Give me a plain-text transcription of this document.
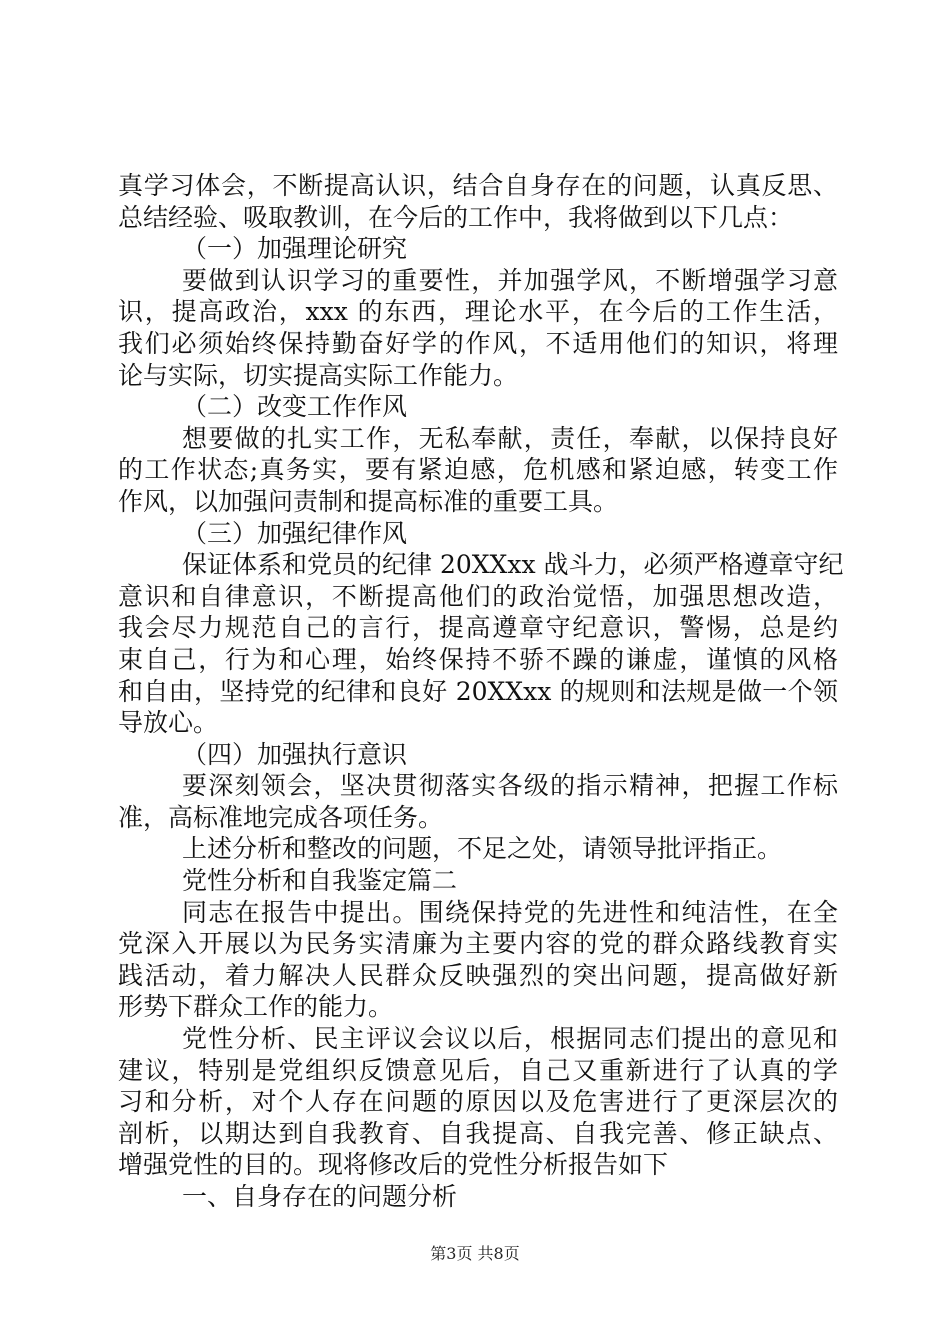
真学习体会，不断提高认识，结合自身存在的问题，认真反思、
总结经验、吸取教训，在今后的工作中，我将做到以下几点：
（一）加强理论研究
要做到认识学习的重要性，并加强学风，不断增强学习意
识，提高政治，xxx 的东西，理论水平，在今后的工作生活，
我们必须始终保持勤奋好学的作风，不适用他们的知识，将理
论与实际，切实提高实际工作能力。
（二）改变工作作风
想要做的扎实工作，无私奉献，责任，奉献，以保持良好
的工作状态;真务实，要有紧迫感，危机感和紧迫感，转变工作
作风，以加强问责制和提高标准的重要工具。
（三）加强纪律作风
保证体系和党员的纪律 20XXxx 战斗力，必须严格遵章守纪
意识和自律意识，不断提高他们的政治觉悟，加强思想改造，
我会尽力规范自己的言行，提高遵章守纪意识，警惕，总是约
束自己，行为和心理，始终保持不骄不躁的谦虚，谨慎的风格
和自由，坚持党的纪律和良好 20XXxx 的规则和法规是做一个领
导放心。
（四）加强执行意识
要深刻领会，坚决贯彻落实各级的指示精神，把握工作标
准，高标准地完成各项任务。
上述分析和整改的问题，不足之处，请领导批评指正。
党性分析和自我鉴定篇二
同志在报告中提出。围绕保持党的先进性和纯洁性，在全
党深入开展以为民务实清廉为主要内容的党的群众路线教育实
践活动，着力解决人民群众反映强烈的突出问题，提高做好新
形势下群众工作的能力。
党性分析、民主评议会议以后，根据同志们提出的意见和
建议，特别是党组织反馈意见后，自己又重新进行了认真的学
习和分析，对个人存在问题的原因以及危害进行了更深层次的
剖析，以期达到自我教育、自我提高、自我完善、修正缺点、
增强党性的目的。现将修改后的党性分析报告如下
一、自身存在的问题分析
第3页 共8页
